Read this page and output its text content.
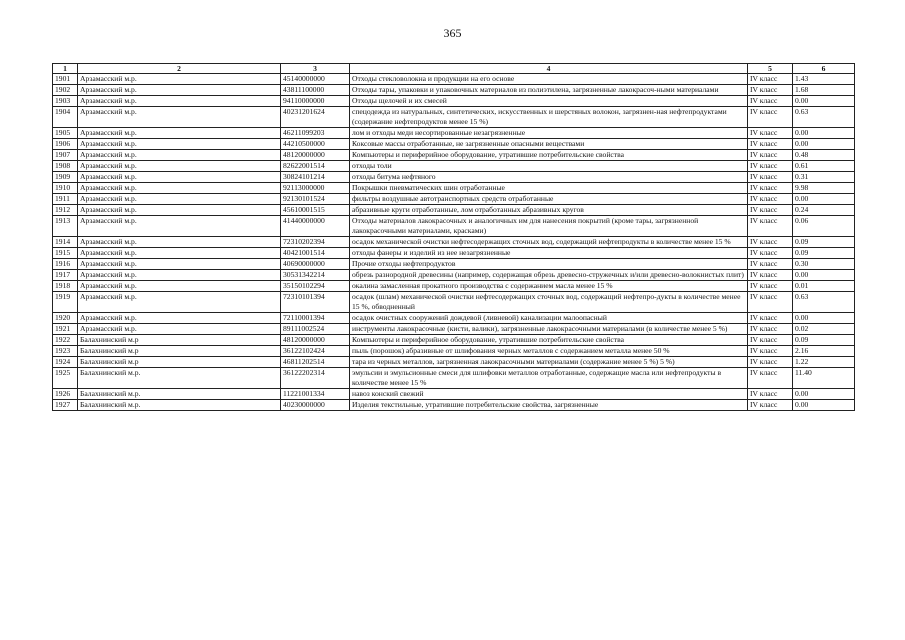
365
1	2	3	4	5	6
1901	Арзамасский м.р.	45140000000	Отходы стекловолокна и продукции на его основе	IV класс	1.43
1902	Арзамасский м.р.	43811100000	Отходы тары, упаковки и упаковочных материалов из полиэтилена, загрязненные лакокрасоч-ными материалами	IV класс	1.68
1903	Арзамасский м.р.	94110000000	Отходы щелочей и их смесей	IV класс	0.00
1904	Арзамасский м.р.	40231201624	спецодежда из натуральных, синтетических, искусственных и шерстяных волокон, загрязнен-ная нефтепродуктами (содержание нефтепродуктов менее 15 %)	IV класс	0.63
1905	Арзамасский м.р.	46211099203	лом и отходы меди несортированные незагрязненные	IV класс	0.00
1906	Арзамасский м.р.	44210500000	Коксовые массы отработанные, не загрязненные опасными веществами	IV класс	0.00
1907	Арзамасский м.р.	48120000000	Компьютеры и периферийное оборудование, утратившие потребительские свойства	IV класс	0.48
1908	Арзамасский м.р.	82622001514	отходы толи	IV класс	0.61
1909	Арзамасский м.р.	30824101214	отходы битума нефтяного	IV класс	0.31
1910	Арзамасский м.р.	92113000000	Покрышки пневматических шин отработанные	IV класс	9.98
1911	Арзамасский м.р.	92130101524	фильтры воздушные автотранспортных средств отработанные	IV класс	0.00
1912	Арзамасский м.р.	45610001515	абразивные круги отработанные, лом отработанных абразивных кругов	IV класс	0.24
1913	Арзамасский м.р.	41440000000	Отходы материалов лакокрасочных и аналогичных им для нанесения покрытий (кроме тары, загрязненной лакокрасочными материалами, красками)	IV класс	0.06
1914	Арзамасский м.р.	72310202394	осадок механической очистки нефтесодержащих сточных вод, содержащий нефтепродукты в количестве менее 15 %	IV класс	0.09
1915	Арзамасский м.р.	40421001514	отходы фанеры и изделий из нее незагрязненные	IV класс	0.09
1916	Арзамасский м.р.	40690000000	Прочие отходы нефтепродуктов	IV класс	0.30
1917	Арзамасский м.р.	30531342214	обрезь разнородной древесины (например, содержащая обрезь древесно-стружечных и/или древесно-волокнистых плит)	IV класс	0.00
1918	Арзамасский м.р.	35150102294	окалина замасленная прокатного производства с содержанием масла менее 15 %	IV класс	0.01
1919	Арзамасский м.р.	72310101394	осадок (шлам) механической очистки нефтесодержащих сточных вод, содержащий нефтепро-дукты в количестве менее 15 %, обводненный	IV класс	0.63
1920	Арзамасский м.р.	72110001394	осадок очистных сооружений дождевой (ливневой) канализации малоопасный	IV класс	0.00
1921	Арзамасский м.р.	89111002524	инструменты лакокрасочные (кисти, валики), загрязненные лакокрасочными материалами (в количестве менее 5 %)	IV класс	0.02
1922	Балахнинский м.р	48120000000	Компьютеры и периферийное оборудование, утратившие потребительские свойства	IV класс	0.09
1923	Балахнинский м.р	36122102424	пыль (порошок) абразивные от шлифования черных металлов с содержанием металла менее 50 %	IV класс	2.16
1924	Балахнинский м.р	46811202514	тара из черных металлов, загрязненная лакокрасочными материалами (содержание менее 5 %) 5 %)	IV класс	1.22
1925	Балахнинский м.р.	36122202314	эмульсии и эмульсионные смеси для шлифовки металлов отработанные, содержащие масла или нефтепродукты в количестве менее 15 %	IV класс	11.40
1926	Балахнинский м.р.	11221001334	навоз конский свежий	IV класс	0.00
1927	Балахнинский м.р.	40230000000	Изделия текстильные, утратившие потребительские свойства, загрязненные	IV класс	0.00
